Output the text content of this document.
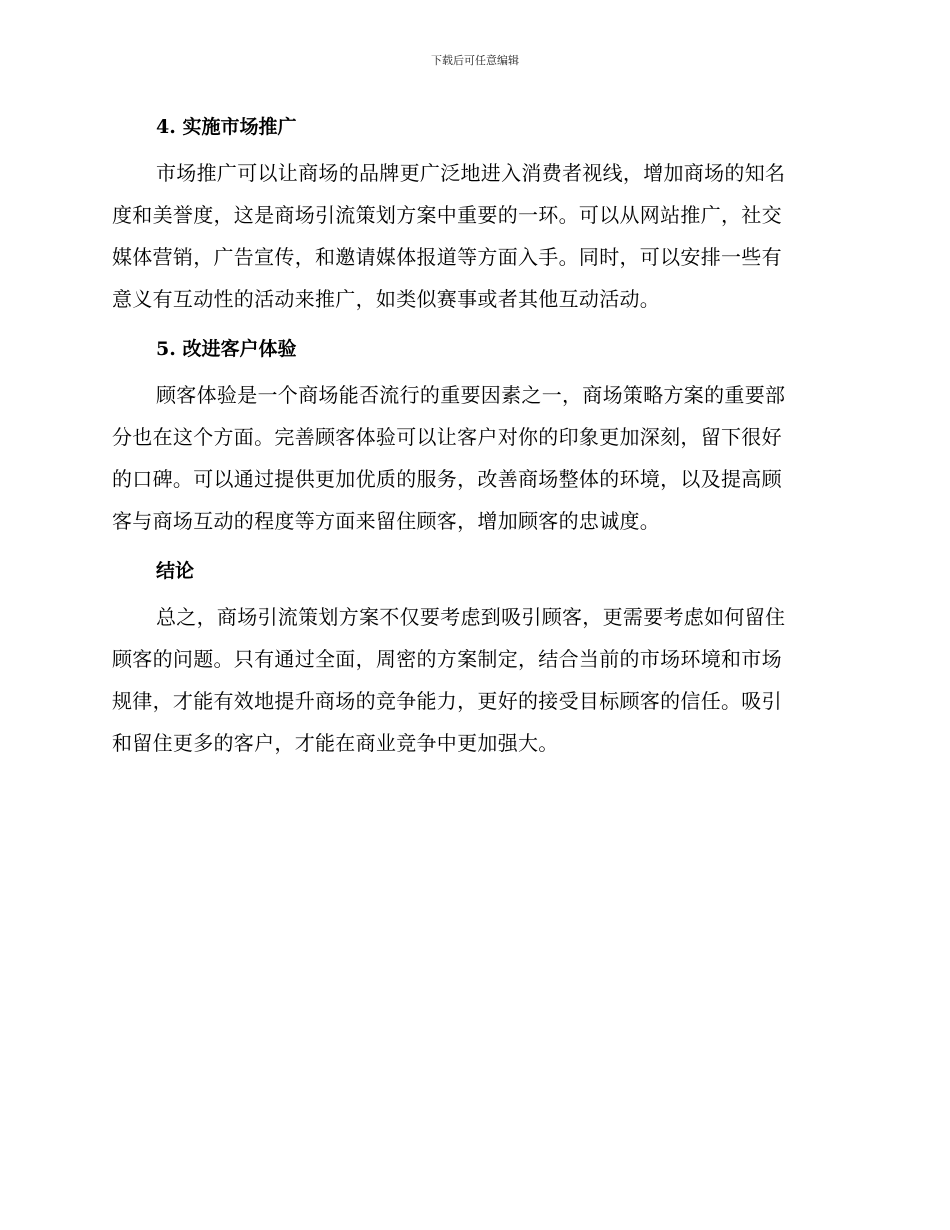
下载后可任意编辑
4. 实施市场推广

市场推广可以让商场的品牌更广泛地进入消费者视线，增加商场的知名
度和美誉度，这是商场引流策划方案中重要的一环。可以从网站推广，社交
媒体营销，广告宣传，和邀请媒体报道等方面入手。同时，可以安排一些有
意义有互动性的活动来推广，如类似赛事或者其他互动活动。

5. 改进客户体验

顾客体验是一个商场能否流行的重要因素之一，商场策略方案的重要部
分也在这个方面。完善顾客体验可以让客户对你的印象更加深刻，留下很好
的口碑。可以通过提供更加优质的服务，改善商场整体的环境，以及提高顾
客与商场互动的程度等方面来留住顾客，增加顾客的忠诚度。

结论

总之，商场引流策划方案不仅要考虑到吸引顾客，更需要考虑如何留住
顾客的问题。只有通过全面，周密的方案制定，结合当前的市场环境和市场
规律，才能有效地提升商场的竞争能力，更好的接受目标顾客的信任。吸引
和留住更多的客户，才能在商业竞争中更加强大。
